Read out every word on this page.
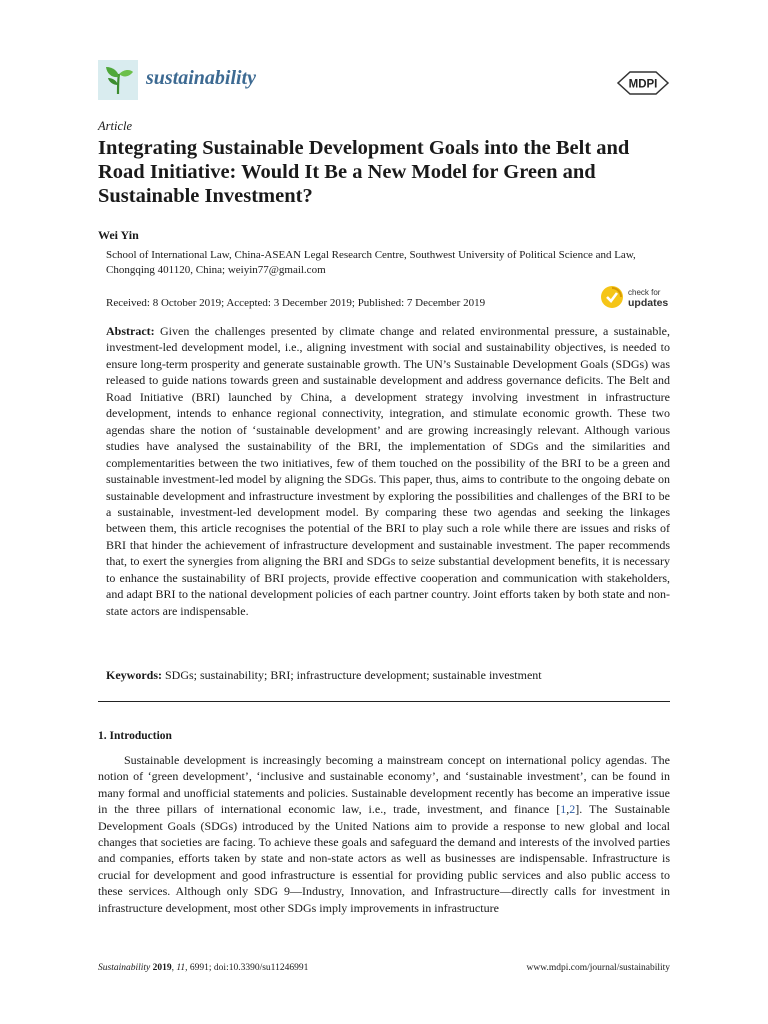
sustainability	MDPI
Article
Integrating Sustainable Development Goals into the Belt and Road Initiative: Would It Be a New Model for Green and Sustainable Investment?
Wei Yin
School of International Law, China-ASEAN Legal Research Centre, Southwest University of Political Science and Law, Chongqing 401120, China; weiyin77@gmail.com
Received: 8 October 2019; Accepted: 3 December 2019; Published: 7 December 2019
check for
updates

Abstract: Given the challenges presented by climate change and related environmental pressure, a sustainable, investment-led development model, i.e., aligning investment with social and sustainability objectives, is needed to ensure long-term prosperity and generate sustainable growth. The UN’s Sustainable Development Goals (SDGs) was released to guide nations towards green and sustainable development and address governance deficits. The Belt and Road Initiative (BRI) launched by China, a development strategy involving investment in infrastructure development, intends to enhance regional connectivity, integration, and stimulate economic growth. These two agendas share the notion of ‘sustainable development’ and are growing increasingly relevant. Although various studies have analysed the sustainability of the BRI, the implementation of SDGs and the similarities and complementarities between the two initiatives, few of them touched on the possibility of the BRI to be a green and sustainable investment-led model by aligning the SDGs. This paper, thus, aims to contribute to the ongoing debate on sustainable development and infrastructure investment by exploring the possibilities and challenges of the BRI to be a sustainable, investment-led development model. By comparing these two agendas and seeking the linkages between them, this article recognises the potential of the BRI to play such a role while there are issues and risks of BRI that hinder the achievement of infrastructure development and sustainable investment. The paper recommends that, to exert the synergies from aligning the BRI and SDGs to seize substantial development benefits, it is necessary to enhance the sustainability of BRI projects, provide effective cooperation and communication with stakeholders, and adapt BRI to the national development policies of each partner country. Joint efforts taken by both state and non-state actors are indispensable.

Keywords: SDGs; sustainability; BRI; infrastructure development; sustainable investment

1. Introduction

Sustainable development is increasingly becoming a mainstream concept on international policy agendas. The notion of ‘green development’, ‘inclusive and sustainable economy’, and ‘sustainable investment’, can be found in many formal and unofficial statements and policies. Sustainable development recently has become an imperative issue in the three pillars of international economic law, i.e., trade, investment, and finance [1,2]. The Sustainable Development Goals (SDGs) introduced by the United Nations aim to provide a response to new global and local changes that societies are facing. To achieve these goals and safeguard the demand and interests of the involved parties and companies, efforts taken by state and non-state actors as well as businesses are indispensable. Infrastructure is crucial for development and good infrastructure is essential for providing public services and also public access to these services. Although only SDG 9—Industry, Innovation, and Infrastructure—directly calls for investment in infrastructure development, most other SDGs imply improvements in infrastructure

Sustainability 2019, 11, 6991; doi:10.3390/su11246991	www.mdpi.com/journal/sustainability
